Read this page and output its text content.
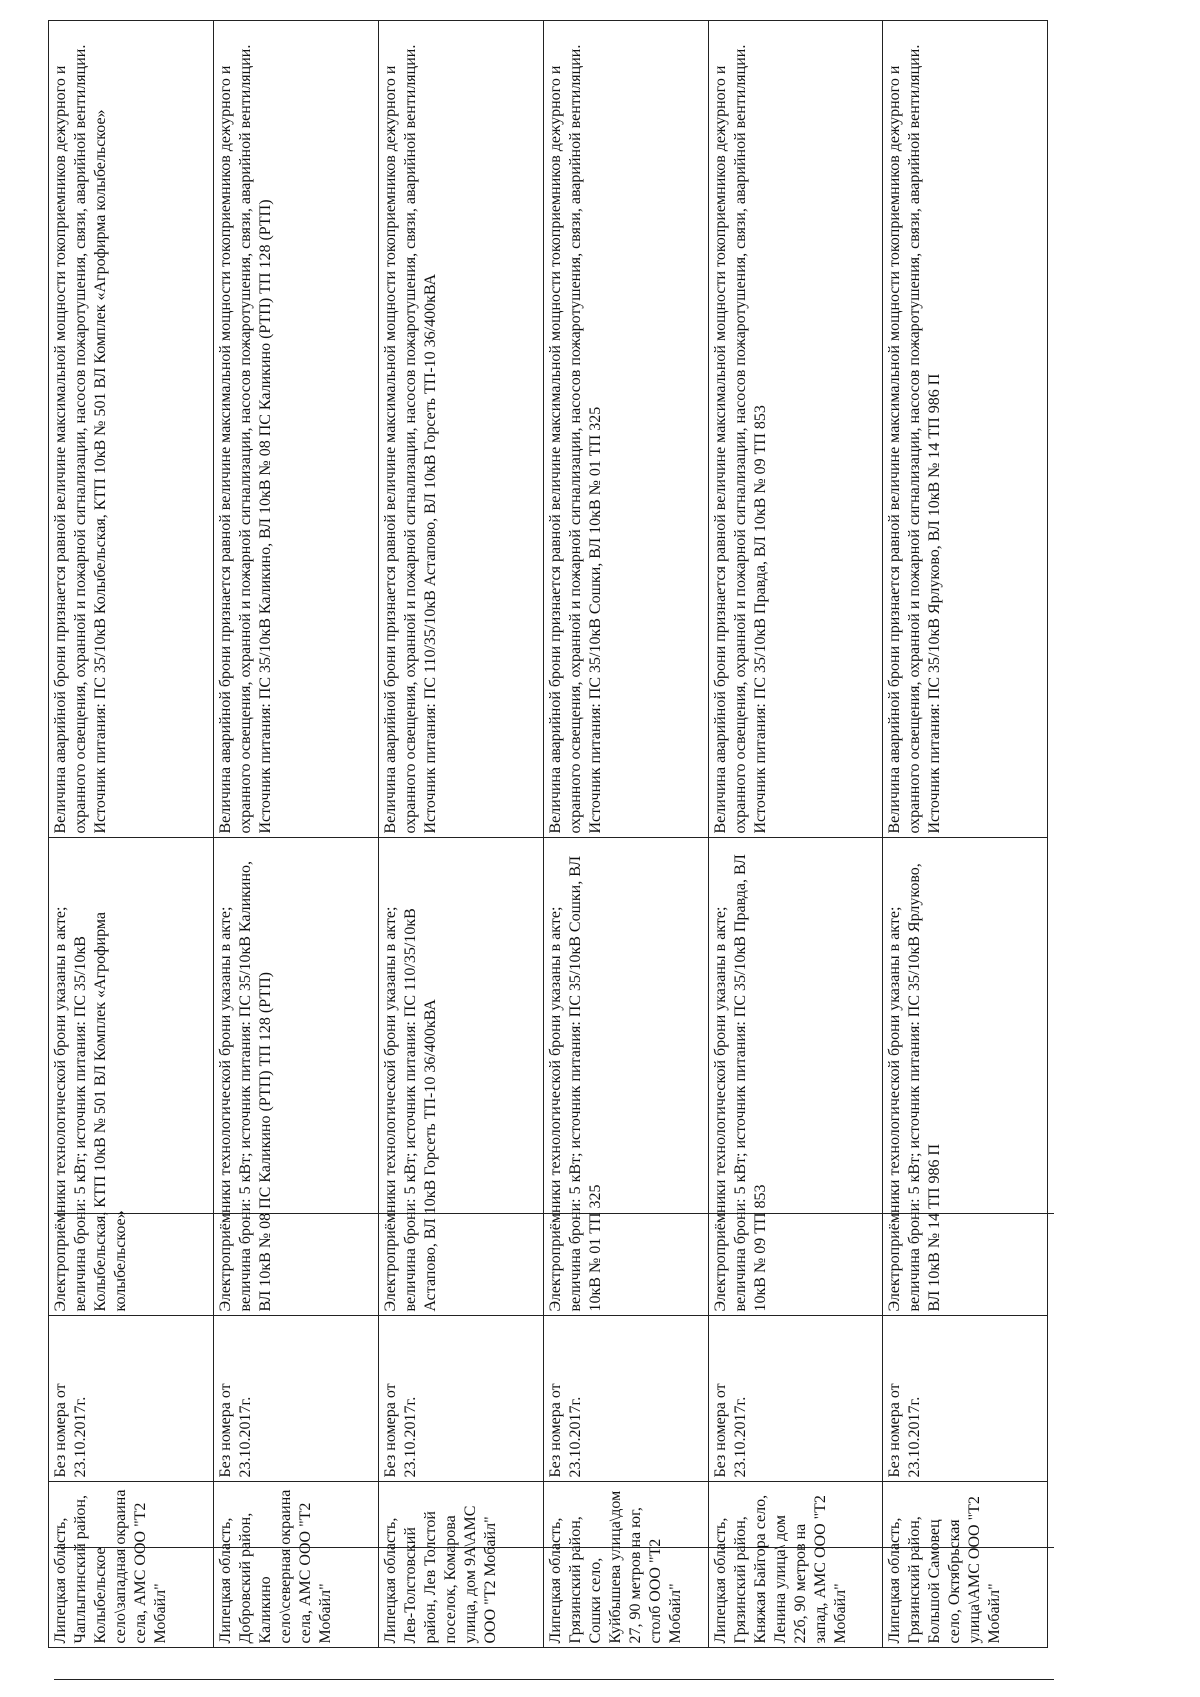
	Липецкая область, Чаплыгинский район, Колыбельское село\западная окраина села, АМС ООО "Т2 Мобайл"	Без номера от 23.10.2017г.	Электроприёмники технологической брони указаны в акте; величина брони: 5 кВт; источник питания: ПС 35/10кВ Колыбельская, КТП 10кВ № 501 ВЛ Комплек «Агрофирма колыбельское»	Величина аварийной брони признается равной величине максимальной мощности токоприемников дежурного и охранного освещения, охранной и пожарной сигнализации, насосов пожаротушения, связи, аварийной вентиляции. Источник питания: ПС 35/10кВ Колыбельская, КТП 10кВ № 501 ВЛ Комплек «Агрофирма колыбельское»
	Липецкая область, Добровский район, Каликино село\северная окраина села, АМС ООО "Т2 Мобайл"	Без номера от 23.10.2017г.	Электроприёмники технологической брони указаны в акте; величина брони: 5 кВт; источник питания: ПС 35/10кВ Каликино, ВЛ 10кВ № 08 ПС Каликино (РТП) ТП 128 (РТП)	Величина аварийной брони признается равной величине максимальной мощности токоприемников дежурного и охранного освещения, охранной и пожарной сигнализации, насосов пожаротушения, связи, аварийной вентиляции. Источник питания: ПС 35/10кВ Каликино, ВЛ 10кВ № 08 ПС Каликино (РТП) ТП 128 (РТП)
	Липецкая область, Лев-Толстовский район, Лев Толстой поселок, Комарова улица, дом 9А\АМС ООО "Т2 Мобайл"	Без номера от 23.10.2017г.	Электроприёмники технологической брони указаны в акте; величина брони: 5 кВт; источник питания: ПС 110/35/10кВ Астапово, ВЛ 10кВ Горсеть ТП-10 36/400кВА	Величина аварийной брони признается равной величине максимальной мощности токоприемников дежурного и охранного освещения, охранной и пожарной сигнализации, насосов пожаротушения, связи, аварийной вентиляции. Источник питания: ПС 110/35/10кВ Астапово, ВЛ 10кВ Горсеть ТП-10 36/400кВА
	Липецкая область, Грязинский район, Сошки село, Куйбышева улица\дом 27, 90 метров на юг, столб ООО "Т2 Мобайл"	Без номера от 23.10.2017г.	Электроприёмники технологической брони указаны в акте; величина брони: 5 кВт; источник питания: ПС 35/10кВ Сошки, ВЛ 10кВ № 01 ТП 325	Величина аварийной брони признается равной величине максимальной мощности токоприемников дежурного и охранного освещения, охранной и пожарной сигнализации, насосов пожаротушения, связи, аварийной вентиляции. Источник питания: ПС 35/10кВ Сошки, ВЛ 10кВ № 01 ТП 325
	Липецкая область, Грязинский район, Княжая Байгора село, Ленина улица\ дом 22б, 90 метров на запад, АМС ООО "Т2 Мобайл"	Без номера от 23.10.2017г.	Электроприёмники технологической брони указаны в акте; величина брони: 5 кВт; источник питания: ПС 35/10кВ Правда, ВЛ 10кВ № 09 ТП 853	Величина аварийной брони признается равной величине максимальной мощности токоприемников дежурного и охранного освещения, охранной и пожарной сигнализации, насосов пожаротушения, связи, аварийной вентиляции. Источник питания: ПС 35/10кВ Правда, ВЛ 10кВ № 09 ТП 853
	Липецкая область, Грязинский район, Большой Самовец село, Октябрьская улица\АМС ООО "Т2 Мобайл"	Без номера от 23.10.2017г.	Электроприёмники технологической брони указаны в акте; величина брони: 5 кВт; источник питания: ПС 35/10кВ Ярлуково, ВЛ 10кВ № 14 ТП 986 П	Величина аварийной брони признается равной величине максимальной мощности токоприемников дежурного и охранного освещения, охранной и пожарной сигнализации, насосов пожаротушения, связи, аварийной вентиляции. Источник питания: ПС 35/10кВ Ярлуково, ВЛ 10кВ № 14 ТП 986 П
